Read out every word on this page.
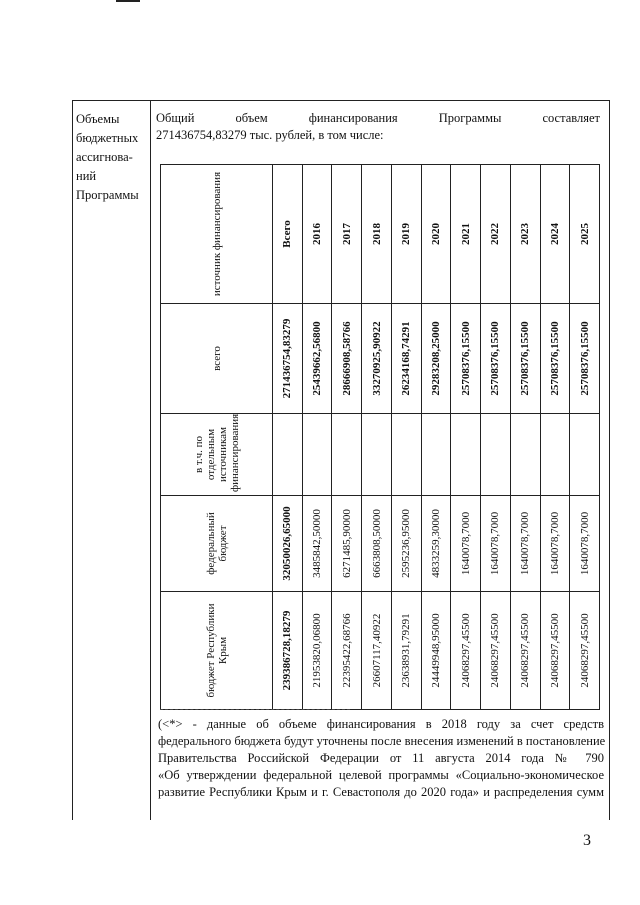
Объемы
бюджетных
ассигнова-
ний
Программы
Общий	объем	финансирования	Программы	составляет
271436754,83279 тыс. рублей, в том числе:
бюджет Республики Крым	федеральный бюджет	в т.ч. по отдельным источникам финансирования	всего	источник финансирования
239386728,18279	32050026,65000		271436754,83279	Всего
21953820,06800	3485842,50000		25439662,56800	2016
22395422,68766	6271485,90000		28666908,58766	2017
26607117,40922	6663808,50000		33270925,90922	2018
23638931,79291	2595236,95000		26234168,74291	2019
24449948,95000	4833259,30000		29283208,25000	2020
24068297,45500	1640078,7000		25708376,15500	2021
24068297,45500	1640078,7000		25708376,15500	2022
24068297,45500	1640078,7000		25708376,15500	2023
24068297,45500	1640078,7000		25708376,15500	2024
24068297,45500	1640078,7000		25708376,15500	2025
(<*> - данные об объеме финансирования в 2018 году за счет средств
федерального бюджета будут уточнены после внесения изменений в постановление
Правительства Российской Федерации от 11 августа 2014 года № 790
«Об утверждении федеральной целевой программы «Социально-экономическое
развитие Республики Крым и г. Севастополя до 2020 года» и распределения сумм
3
